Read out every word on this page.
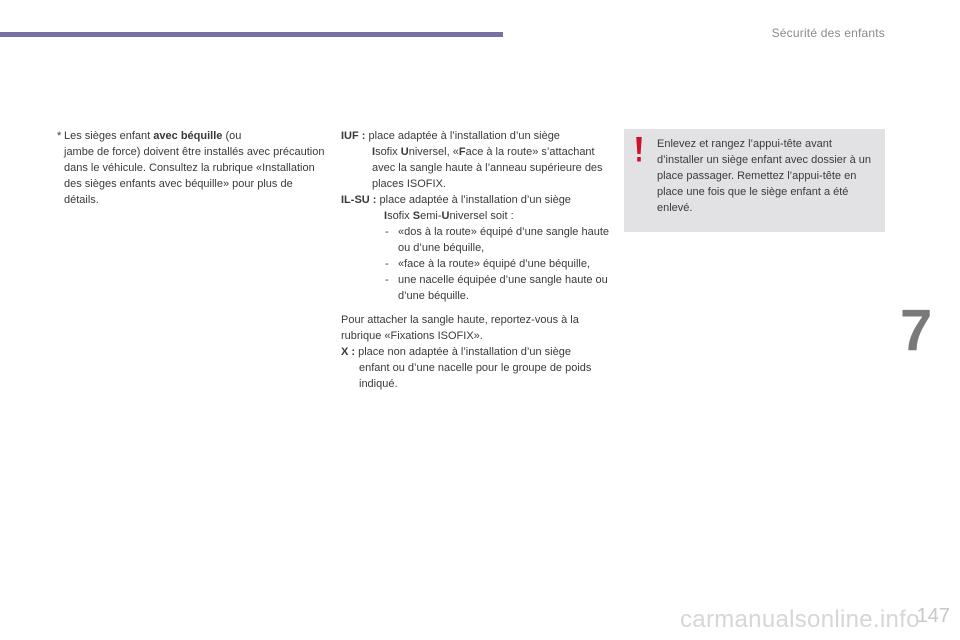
Sécurité des enfants
* Les sièges enfant avec béquille (ou
jambe de force) doivent être installés avec précaution dans le véhicule. Consultez la rubrique «Installation des sièges enfants avec béquille» pour plus de détails.
IUF : place adaptée à l’installation d’un siège
Isofix Universel, «Face à la route» s’attachant avec la sangle haute à l’anneau supérieure des places ISOFIX.
IL-SU : place adaptée à l’installation d’un siège
Isofix Semi-Universel soit :
- «dos à la route» équipé d’une sangle haute ou d’une béquille,
- «face à la route» équipé d’une béquille,
- une nacelle équipée d’une sangle haute ou d’une béquille.
Pour attacher la sangle haute, reportez-vous à la rubrique «Fixations ISOFIX».
X : place non adaptée à l’installation d’un siège
enfant ou d’une nacelle pour le groupe de poids indiqué.
Enlevez et rangez l’appui-tête avant d’installer un siège enfant avec dossier à un place passager. Remettez l’appui-tête en place une fois que le siège enfant a été enlevé.
7
147
carmanualsonline.info
